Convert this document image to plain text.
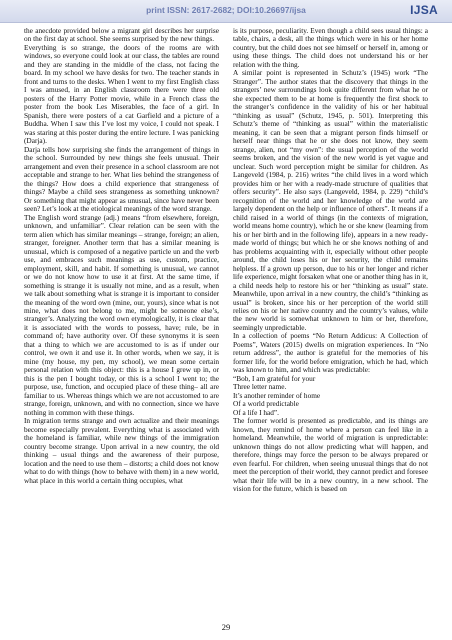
print ISSN: 2617-2682; DOI:10.26697/ijsa	IJSA

the anecdote provided below a migrant girl describes her surprise on the first day at school. She seems surprised by the new things.

Everything is so strange, the doors of the rooms are with windows, so everyone could look at our class, the tables are round and they are standing in the middle of the class, not facing the board. In my school we have desks for two. The teacher stands in front and turns to the desks. When I went to my first English class I was amused, in an English classroom there were three old posters of the Harry Potter movie, while in a French class the poster from the book Les Miserables, the face of a girl. In Spanish, there were posters of a cat Garfield and a picture of a Buddha. When I saw this I’ve lost my voice, I could not speak. I was staring at this poster during the entire lecture. I was panicking (Darja).

Darja tells how surprising she finds the arrangement of things in the school. Surrounded by new things she feels unusual. Their arrangement and even their presence in a school classroom are not acceptable and strange to her. What lies behind the strangeness of the things? How does a child experience that strangeness of things? Maybe a child sees strangeness as something unknown? Or something that might appear as unusual, since have never been seen? Let’s look at the etiological meanings of the word strange.

The English word strange (adj.) means “from elsewhere, foreign, unknown, and unfamiliar”. Clear relation can be seen with the term alien which has similar meanings – strange, foreign; an alien, stranger, foreigner. Another term that has a similar meaning is unusual, which is composed of a negative particle un and the verb use, and embraces such meanings as use, custom, practice, employment, skill, and habit. If something is unusual, we cannot or we do not know how to use it at first. At the same time, if something is strange it is usually not mine, and as a result, when we talk about something what is strange it is important to consider the meaning of the word own (mine, our, yours), since what is not mine, what does not belong to me, might be someone else’s, stranger’s. Analyzing the word own etymologically, it is clear that it is associated with the words to possess, have; rule, be in command of; have authority over. Of these synonyms it is seen that a thing to which we are accustomed to is as if under our control, we own it and use it. In other words, when we say, it is mine (my house, my pen, my school), we mean some certain personal relation with this object: this is a house I grew up in, or this is the pen I bought today, or this is a school I went to; the purpose, use, function, and occupied place of these thing– all are familiar to us. Whereas things which we are not accustomed to are strange, foreign, unknown, and with no connection, since we have nothing in common with these things.

In migration terms strange and own actualize and their meanings become especially prevalent. Everything what is associated with the homeland is familiar, while new things of the immigration country become strange. Upon arrival in a new country, the old thinking – usual things and the awareness of their purpose, location and the need to use them – distorts; a child does not know what to do with things (how to behave with them) in a new world, what place in this world a certain thing occupies, what

is its purpose, peculiarity. Even though a child sees usual things: a table, chairs, a desk, all the things which were in his or her home country, but the child does not see himself or herself in, among or using these things. The child does not understand his or her relation with the thing.

A similar point is represented in Schutz’s (1945) work “The Stranger”. The author states that the discovery that things in the strangers’ new surroundings look quite different from what he or she expected them to be at home is frequently the first shock to the stranger’s confidence in the validity of his or her habitual “thinking as usual” (Schutz, 1945, p. 501). Interpreting this Schutz’s theme of “thinking as usual” within the materialistic meaning, it can be seen that a migrant person finds himself or herself near things that he or she does not know, they seem strange, alien, not “my own”: the usual perception of the world seems broken, and the vision of the new world is yet vague and unclear. Such word perception might be similar for children. As Langeveld (1984, p. 216) writes “the child lives in a word which provides him or her with a ready-made structure of qualities that offers security”. He also says (Langeveld, 1984, p. 229) “child’s recognition of the world and her knowledge of the world are largely dependent on the help or influence of others”. It means if a child raised in a world of things (in the contexts of migration, world means home country), which he or she knew (learning from his or her birth and in the following life), appears in a new ready-made world of things; but which he or she knows nothing of and has problems acquainting with it, especially without other people around, the child loses his or her security, the child remains helpless. If a grown up person, due to his or her longer and richer life experience, might forsaken what one or another thing has in it, a child needs help to restore his or her “thinking as usual” state. Meanwhile, upon arrival in a new country, the child’s “thinking as usual” is broken, since his or her perception of the world still relies on his or her native country and the country’s values, while the new world is somewhat unknown to him or her, therefore, seemingly unpredictable.

In a collection of poems “No Return Addicus: A Collection of Poems”, Waters (2015) dwells on migration experiences. In “No return address”, the author is grateful for the memories of his former life, for the world before emigration, which he had, which was known to him, and which was predictable:

“Bob, I am grateful for your

Three letter name.

It’s another reminder of home

Of a world predictable

Of a life I had”.

The former world is presented as predictable, and its things are known, they remind of home where a person can feel like in a homeland. Meanwhile, the world of migration is unpredictable: unknown things do not allow predicting what will happen, and therefore, things may force the person to be always prepared or even fearful. For children, when seeing unusual things that do not meet the perception of their world, they cannot predict and foresee what their life will be in a new country, in a new school. The vision for the future, which is based on

29
